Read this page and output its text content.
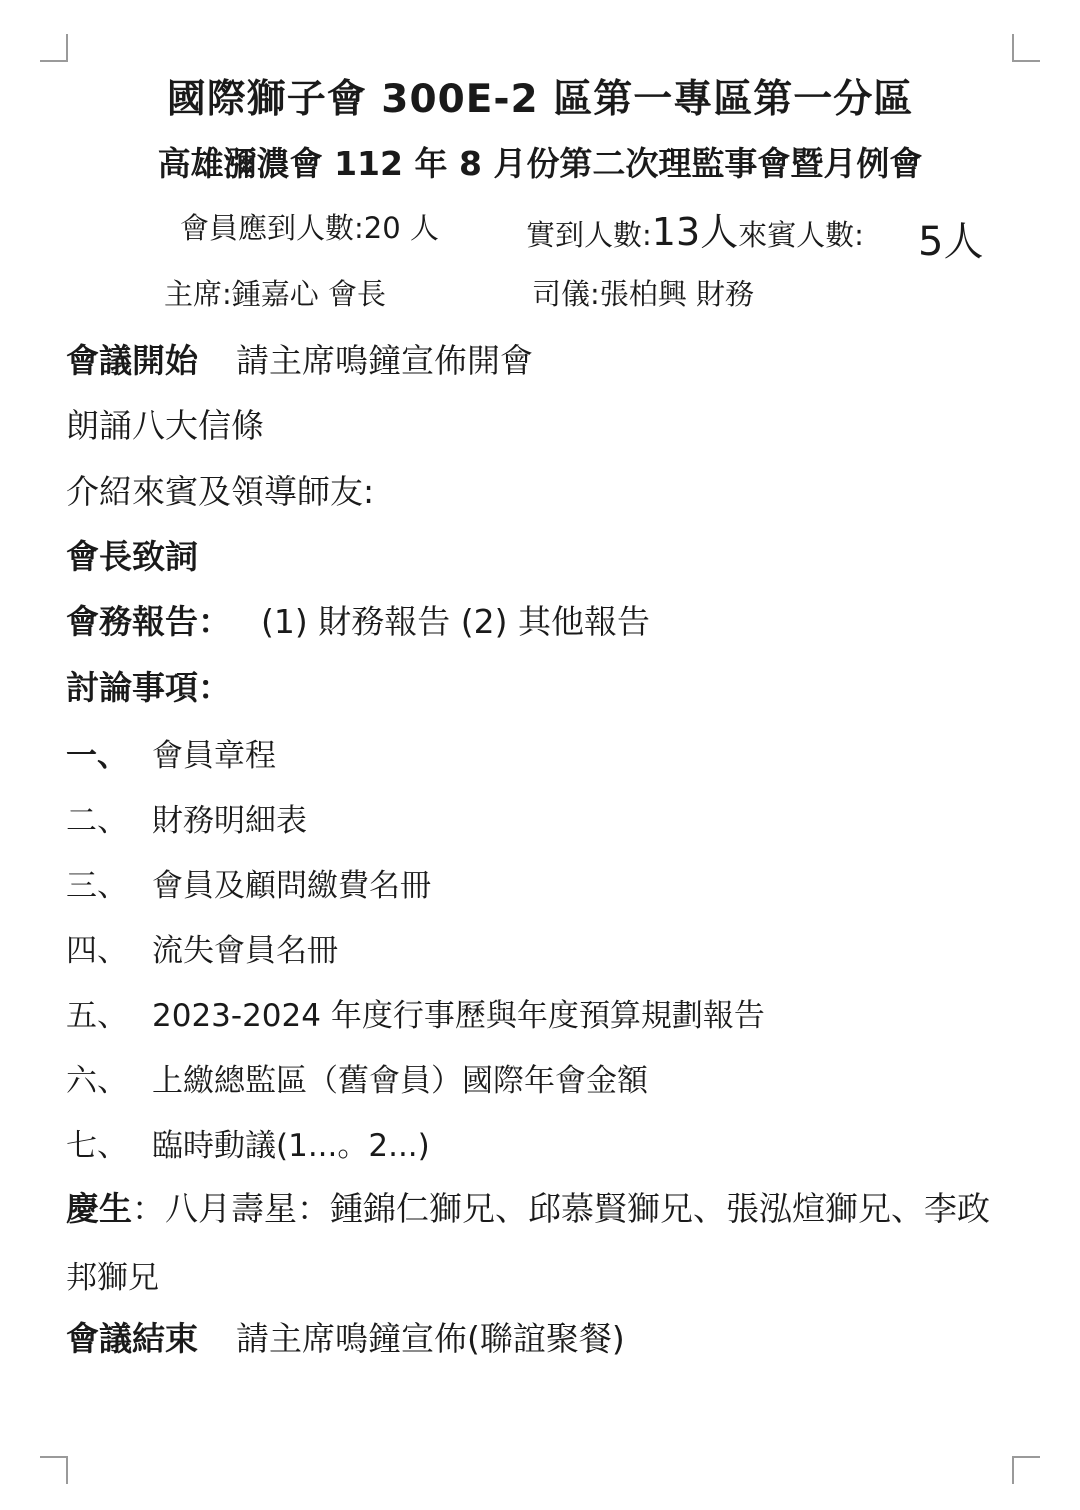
國際獅子會 300E-2 區第一專區第一分區
高雄瀰濃會 112 年 8 月份第二次理監事會暨月例會
會員應到人數:20 人	實到人數:13人來賓人數: 5人
主席:鍾嘉心 會長	司儀:張柏興 財務
會議開始 請主席鳴鐘宣佈開會
朗誦八大信條
介紹來賓及領導師友:
會長致詞
會務報告： (1) 財務報告 (2) 其他報告
討論事項：
一、 會員章程
二、 財務明細表
三、 會員及顧問繳費名冊
四、 流失會員名冊
五、 2023-2024 年度行事歷與年度預算規劃報告
六、 上繳總監區（舊會員）國際年會金額
七、 臨時動議(1...。2...)
慶生：八月壽星：鍾錦仁獅兄、邱慕賢獅兄、張泓煊獅兄、李政
邦獅兄
會議結束 請主席鳴鐘宣佈(聯誼聚餐)
